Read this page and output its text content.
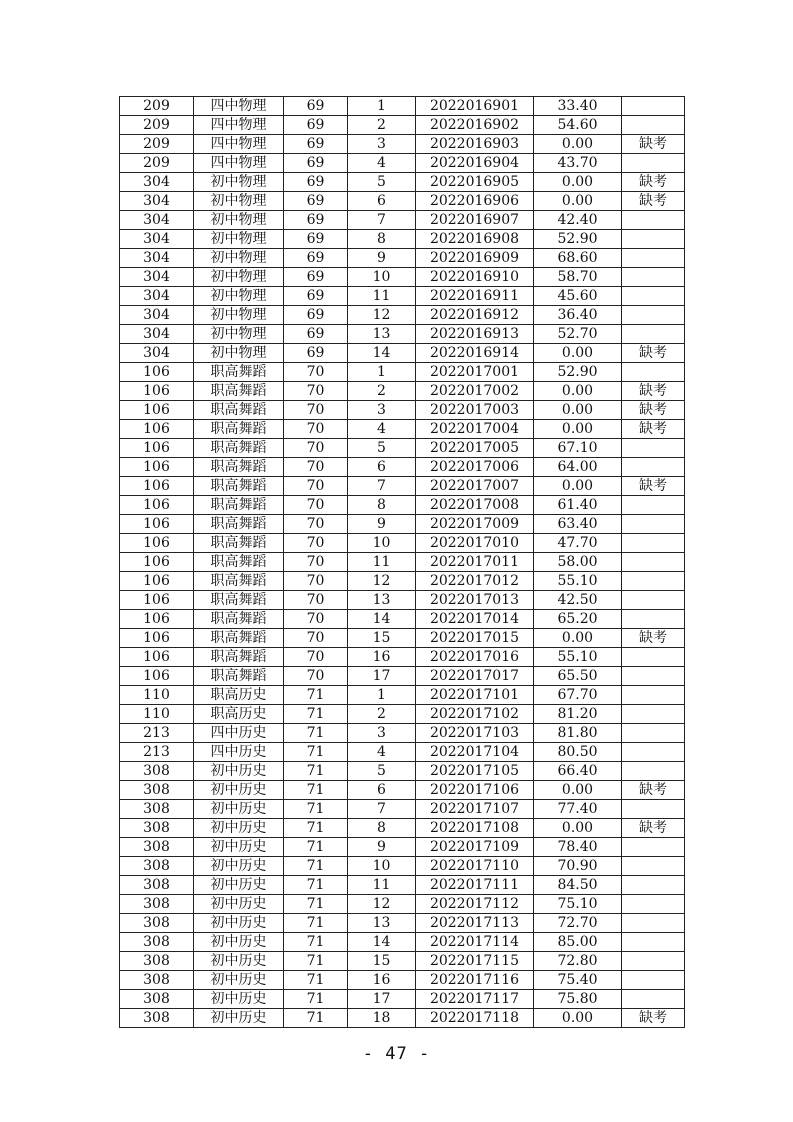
209	四中物理	69	1	2022016901	33.40	
209	四中物理	69	2	2022016902	54.60	
209	四中物理	69	3	2022016903	0.00	缺考
209	四中物理	69	4	2022016904	43.70	
304	初中物理	69	5	2022016905	0.00	缺考
304	初中物理	69	6	2022016906	0.00	缺考
304	初中物理	69	7	2022016907	42.40	
304	初中物理	69	8	2022016908	52.90	
304	初中物理	69	9	2022016909	68.60	
304	初中物理	69	10	2022016910	58.70	
304	初中物理	69	11	2022016911	45.60	
304	初中物理	69	12	2022016912	36.40	
304	初中物理	69	13	2022016913	52.70	
304	初中物理	69	14	2022016914	0.00	缺考
106	职高舞蹈	70	1	2022017001	52.90	
106	职高舞蹈	70	2	2022017002	0.00	缺考
106	职高舞蹈	70	3	2022017003	0.00	缺考
106	职高舞蹈	70	4	2022017004	0.00	缺考
106	职高舞蹈	70	5	2022017005	67.10	
106	职高舞蹈	70	6	2022017006	64.00	
106	职高舞蹈	70	7	2022017007	0.00	缺考
106	职高舞蹈	70	8	2022017008	61.40	
106	职高舞蹈	70	9	2022017009	63.40	
106	职高舞蹈	70	10	2022017010	47.70	
106	职高舞蹈	70	11	2022017011	58.00	
106	职高舞蹈	70	12	2022017012	55.10	
106	职高舞蹈	70	13	2022017013	42.50	
106	职高舞蹈	70	14	2022017014	65.20	
106	职高舞蹈	70	15	2022017015	0.00	缺考
106	职高舞蹈	70	16	2022017016	55.10	
106	职高舞蹈	70	17	2022017017	65.50	
110	职高历史	71	1	2022017101	67.70	
110	职高历史	71	2	2022017102	81.20	
213	四中历史	71	3	2022017103	81.80	
213	四中历史	71	4	2022017104	80.50	
308	初中历史	71	5	2022017105	66.40	
308	初中历史	71	6	2022017106	0.00	缺考
308	初中历史	71	7	2022017107	77.40	
308	初中历史	71	8	2022017108	0.00	缺考
308	初中历史	71	9	2022017109	78.40	
308	初中历史	71	10	2022017110	70.90	
308	初中历史	71	11	2022017111	84.50	
308	初中历史	71	12	2022017112	75.10	
308	初中历史	71	13	2022017113	72.70	
308	初中历史	71	14	2022017114	85.00	
308	初中历史	71	15	2022017115	72.80	
308	初中历史	71	16	2022017116	75.40	
308	初中历史	71	17	2022017117	75.80	
308	初中历史	71	18	2022017118	0.00	缺考
- 47 -
